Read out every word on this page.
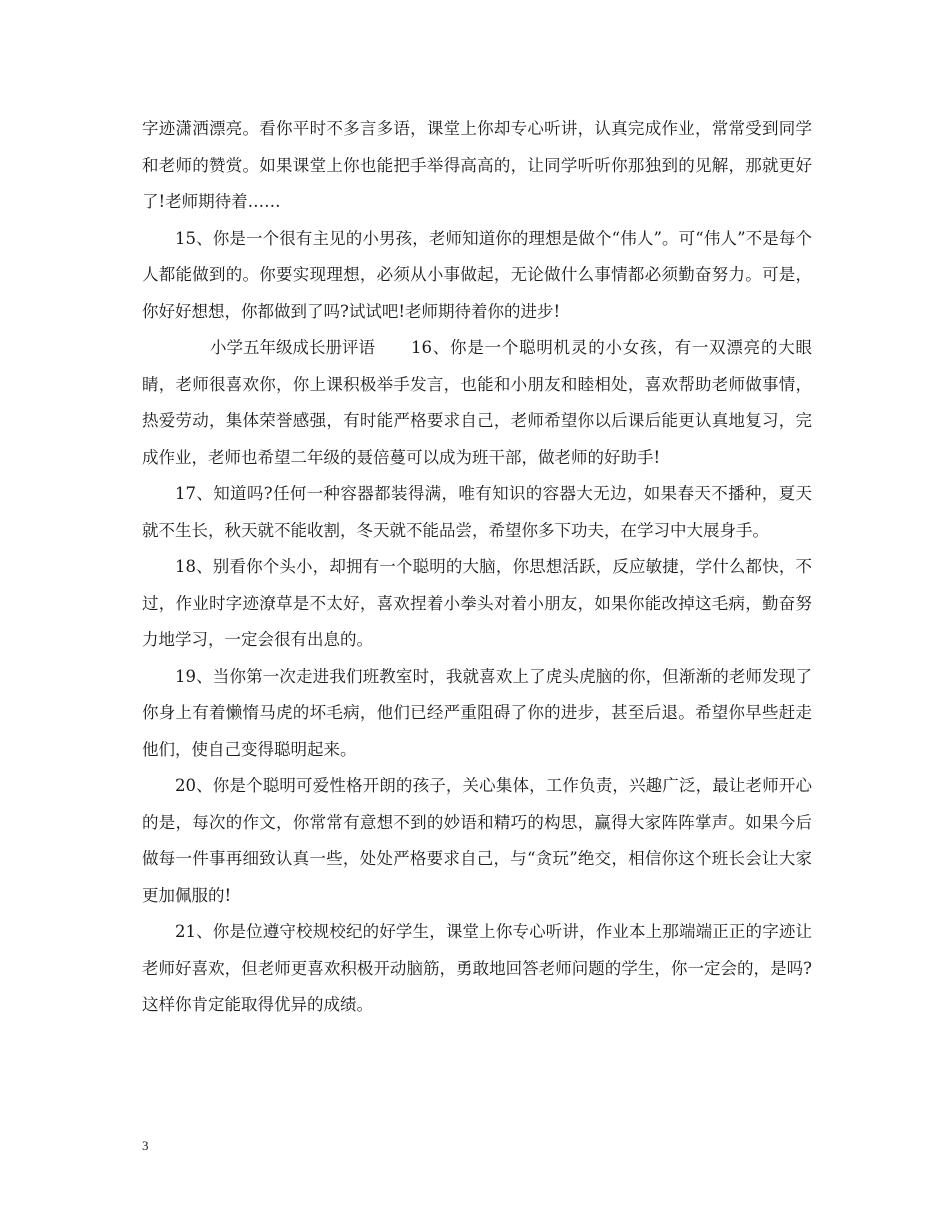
字迹潇洒漂亮。看你平时不多言多语，课堂上你却专心听讲，认真完成作业，常常受到同学和老师的赞赏。如果课堂上你也能把手举得高高的，让同学听听你那独到的见解，那就更好了!老师期待着……

15、你是一个很有主见的小男孩，老师知道你的理想是做个“伟人”。可“伟人”不是每个人都能做到的。你要实现理想，必须从小事做起，无论做什么事情都必须勤奋努力。可是，你好好想想，你都做到了吗?试试吧!老师期待着你的进步!

小学五年级成长册评语 16、你是一个聪明机灵的小女孩，有一双漂亮的大眼睛，老师很喜欢你，你上课积极举手发言，也能和小朋友和睦相处，喜欢帮助老师做事情，热爱劳动，集体荣誉感强，有时能严格要求自己，老师希望你以后课后能更认真地复习，完成作业，老师也希望二年级的聂倍蔓可以成为班干部，做老师的好助手!

17、知道吗?任何一种容器都装得满，唯有知识的容器大无边，如果春天不播种，夏天就不生长，秋天就不能收割，冬天就不能品尝，希望你多下功夫，在学习中大展身手。

18、别看你个头小，却拥有一个聪明的大脑，你思想活跃，反应敏捷，学什么都快，不过，作业时字迹潦草是不太好，喜欢捏着小拳头对着小朋友，如果你能改掉这毛病，勤奋努力地学习，一定会很有出息的。

19、当你第一次走进我们班教室时，我就喜欢上了虎头虎脑的你，但渐渐的老师发现了你身上有着懒惰马虎的坏毛病，他们已经严重阻碍了你的进步，甚至后退。希望你早些赶走他们，使自己变得聪明起来。

20、你是个聪明可爱性格开朗的孩子，关心集体，工作负责，兴趣广泛，最让老师开心的是，每次的作文，你常常有意想不到的妙语和精巧的构思，赢得大家阵阵掌声。如果今后做每一件事再细致认真一些，处处严格要求自己，与“贪玩”绝交，相信你这个班长会让大家更加佩服的!

21、你是位遵守校规校纪的好学生，课堂上你专心听讲，作业本上那端端正正的字迹让老师好喜欢，但老师更喜欢积极开动脑筋，勇敢地回答老师问题的学生，你一定会的，是吗?这样你肯定能取得优异的成绩。

3
